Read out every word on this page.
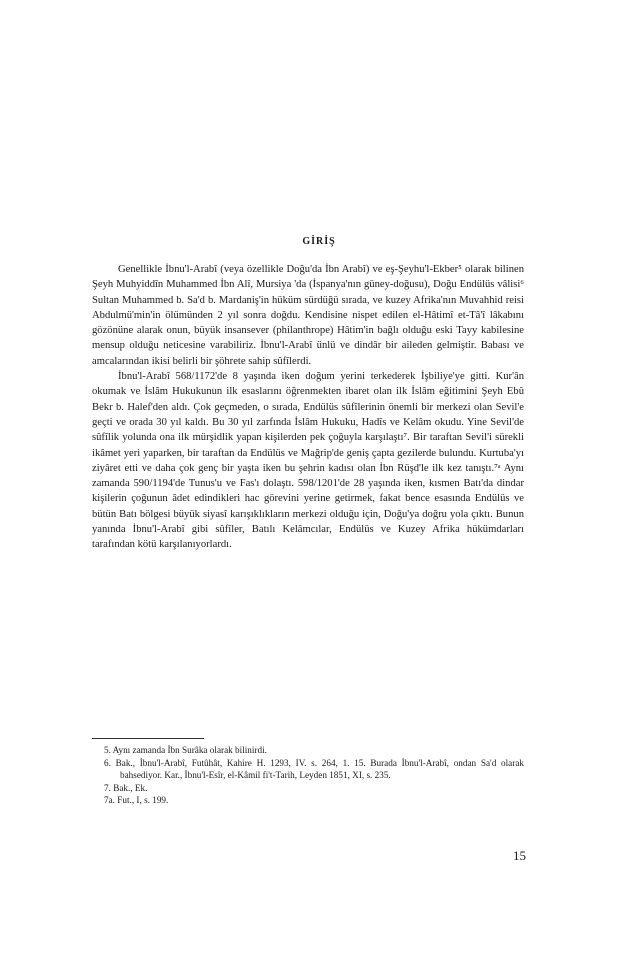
GİRİŞ

Genellikle İbnu'l-Arabî (veya özellikle Doğu'da İbn Arabî) ve eş-Şeyhu'l-Ekber⁵ olarak bilinen Şeyh Muhyiddîn Muhammed İbn Alî, Mursiya 'da (İspanya'nın güney-doğusu), Doğu Endülüs vâlisi⁶ Sultan Muhammed b. Sa'd b. Mardaniş'in hüküm sürdüğü sırada, ve kuzey Afrika'nın Muvahhid reisi Abdulmü'min'in ölümünden 2 yıl sonra doğdu. Kendisine nispet edilen el-Hâtimî et-Tâ'î lâkabını gözönüne alarak onun, büyük insansever (philanthrope) Hâtim'in bağlı olduğu eski Tayy kabilesine mensup olduğu neticesine varabiliriz. İbnu'l-Arabî ünlü ve dindâr bir aileden gelmiştir. Babası ve amcalarından ikisi belirli bir şöhrete sahip sûfîlerdi.

İbnu'l-Arabî 568/1172'de 8 yaşında iken doğum yerini terkederek İşbiliye'ye gitti. Kur'ân okumak ve İslâm Hukukunun ilk esaslarını öğrenmekten ibaret olan ilk İslâm eğitimini Şeyh Ebû Bekr b. Halef'den aldı. Çok geçmeden, o sırada, Endülüs sûfîlerinin önemli bir merkezi olan Sevil'e geçti ve orada 30 yıl kaldı. Bu 30 yıl zarfında İslâm Hukuku, Hadîs ve Kelâm okudu. Yine Sevil'de sûfîlik yolunda ona ilk mürşidlik yapan kişilerden pek çoğuyla karşılaştı⁷. Bir taraftan Sevil'i sürekli ikâmet yeri yaparken, bir taraftan da Endülüs ve Mağrip'de geniş çapta gezilerde bulundu. Kurtuba'yı ziyâret etti ve daha çok genç bir yaşta iken bu şehrin kadısı olan İbn Rüşd'le ilk kez tanıştı.⁷ᵃ Aynı zamanda 590/1194'de Tunus'u ve Fas'ı dolaştı. 598/1201'de 28 yaşında iken, kısmen Batı'da dindar kişilerin çoğunun âdet edindikleri hac görevini yerine getirmek, fakat bence esasında Endülüs ve bütün Batı bölgesi büyük siyasî karışıklıkların merkezi olduğu için, Doğu'ya doğru yola çıktı. Bunun yanında İbnu'l-Arabî gibi sûfîler, Batılı Kelâmcılar, Endülüs ve Kuzey Afrika hükümdarları tarafından kötü karşılanıyorlardı.

5. Aynı zamanda İbn Surâka olarak bilinirdi.
6. Bak., İbnu'l-Arabî, Futûhât, Kahire H. 1293, IV. s. 264, 1. 15. Burada İbnu'l-Arabî, ondan Sa'd olarak bahsediyor. Kar., İbnu'l-Esîr, el-Kâmil fi't-Tarih, Leyden 1851, XI, s. 235.
7. Bak., Ek.
7a. Fut., I, s. 199.
15
